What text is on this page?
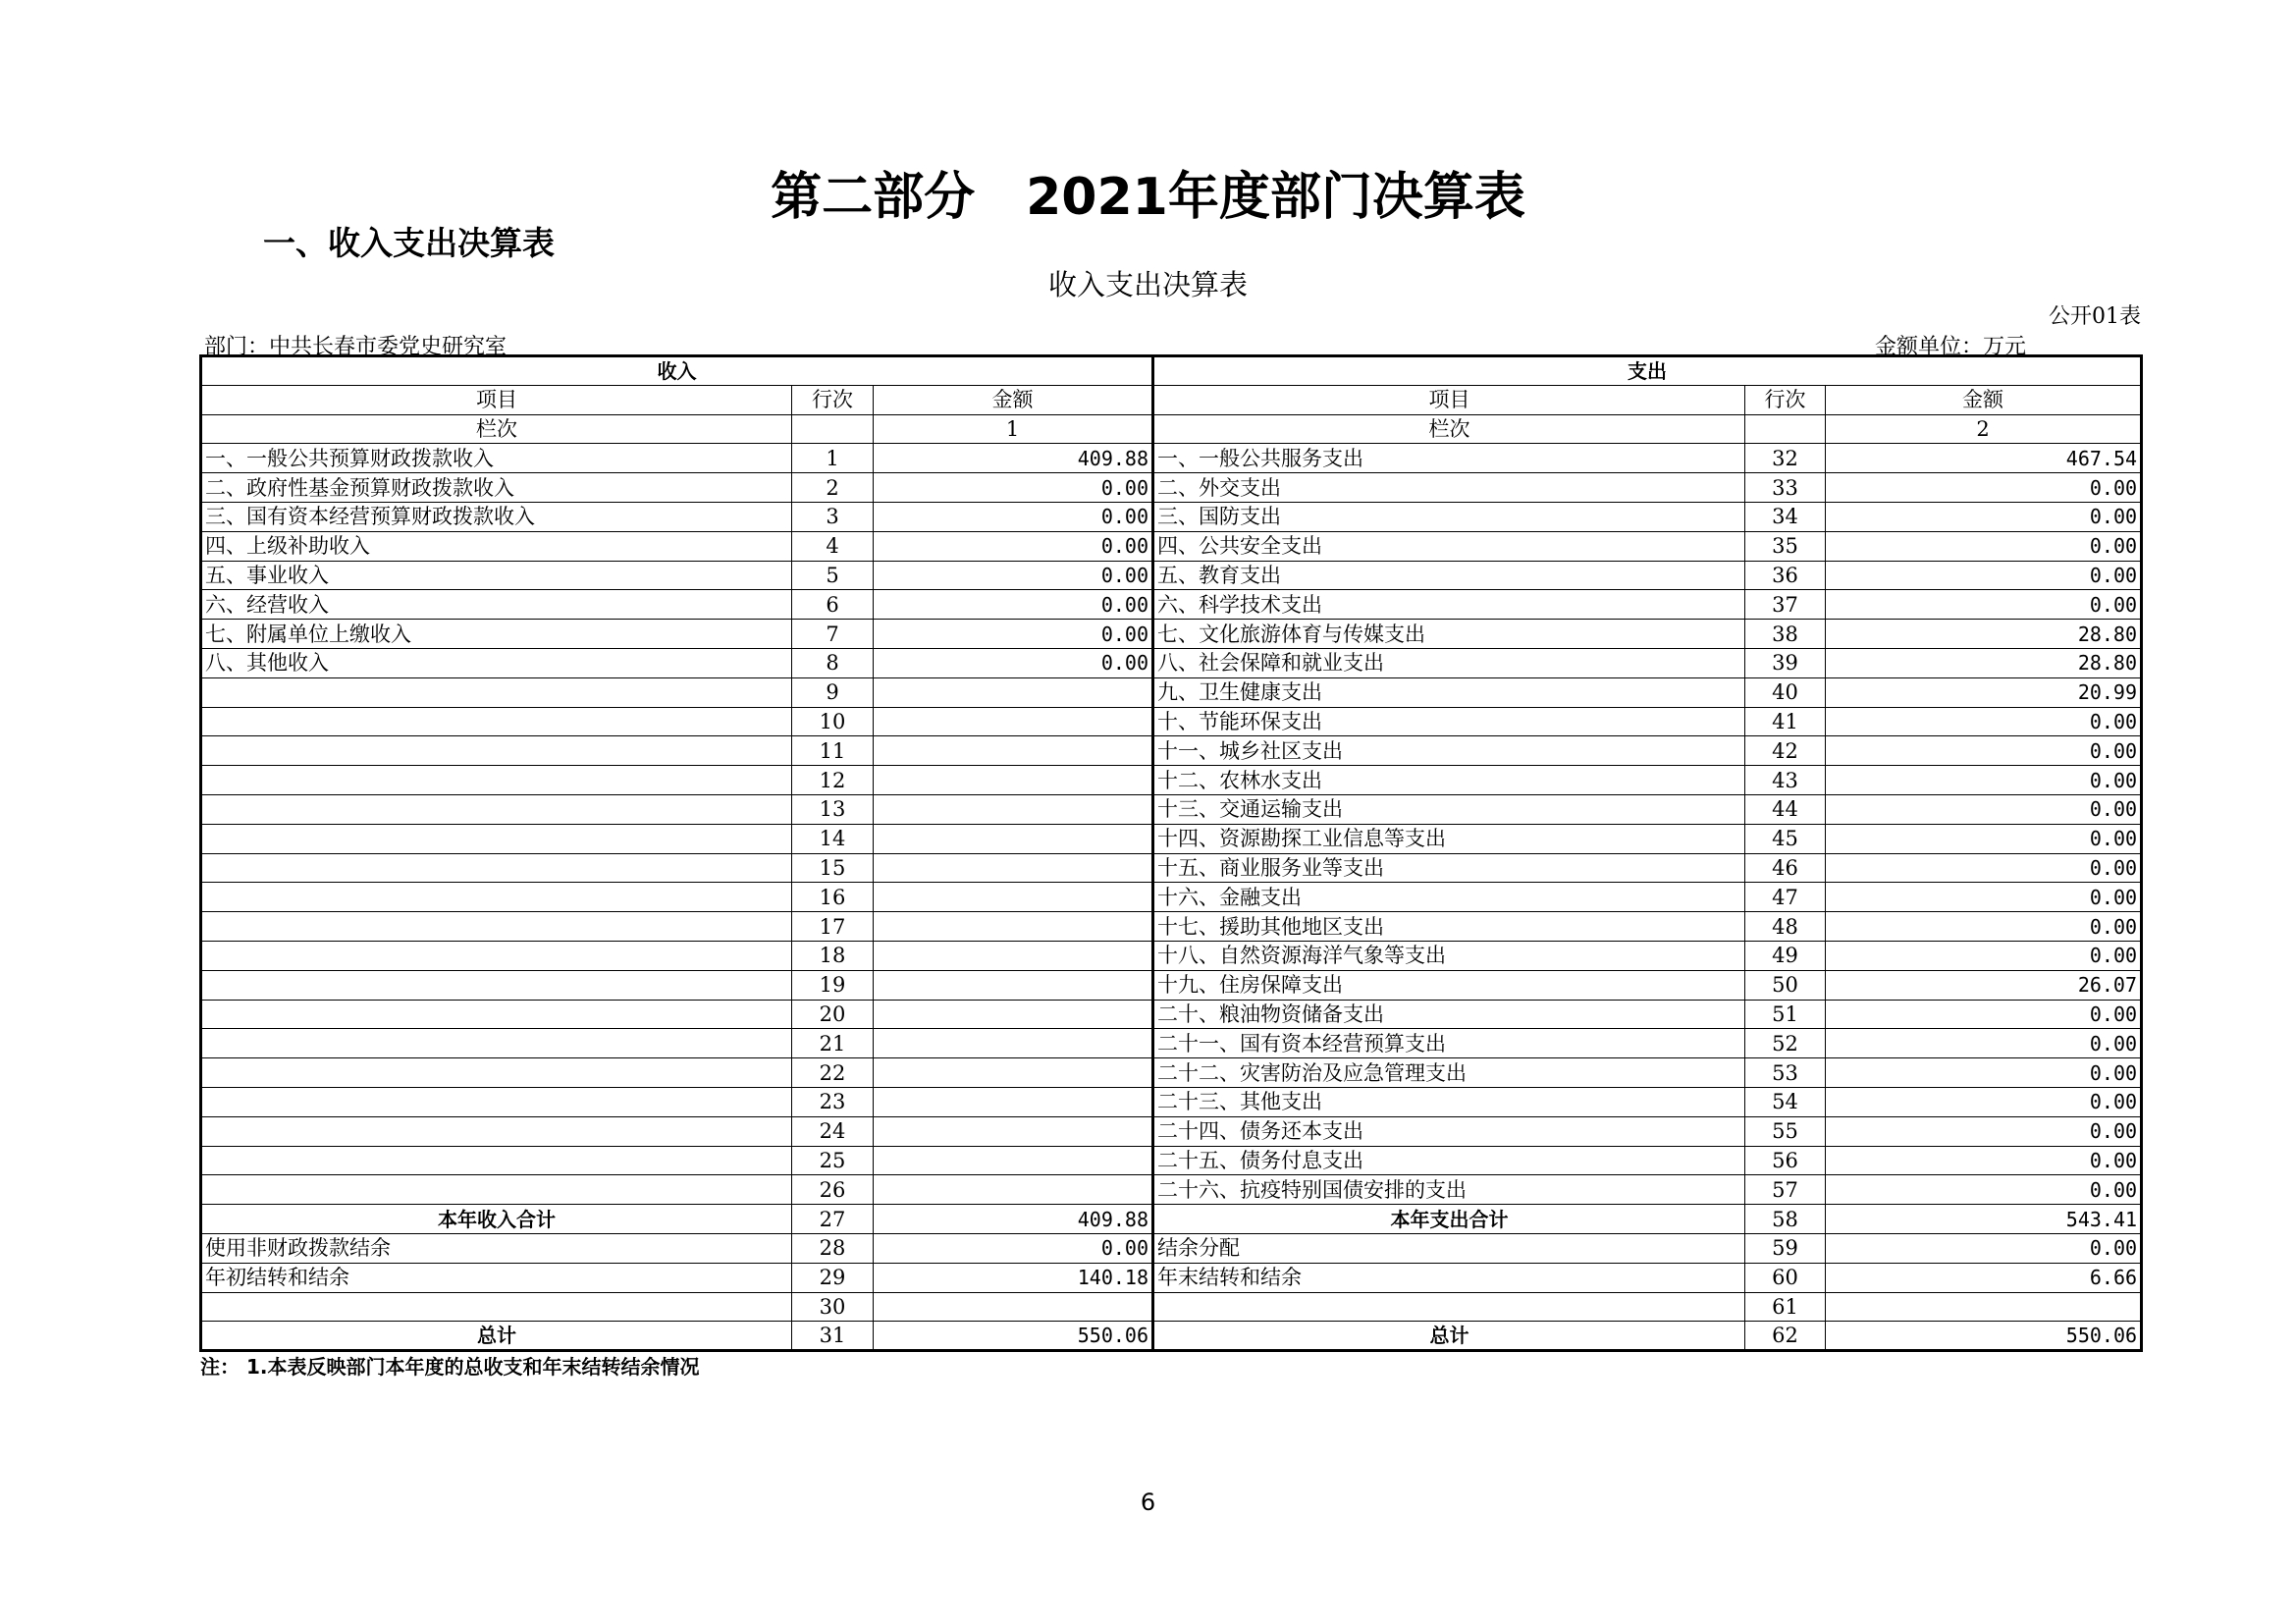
第二部分　2021年度部门决算表
一、收入支出决算表
收入支出决算表
公开01表
部门：中共长春市委党史研究室	金额单位：万元
收入			支出		
项目	行次	金额	项目	行次	金额
栏次		1	栏次		2
一、一般公共预算财政拨款收入	1	409.88	一、一般公共服务支出	32	467.54
二、政府性基金预算财政拨款收入	2	0.00	二、外交支出	33	0.00
三、国有资本经营预算财政拨款收入	3	0.00	三、国防支出	34	0.00
四、上级补助收入	4	0.00	四、公共安全支出	35	0.00
五、事业收入	5	0.00	五、教育支出	36	0.00
六、经营收入	6	0.00	六、科学技术支出	37	0.00
七、附属单位上缴收入	7	0.00	七、文化旅游体育与传媒支出	38	28.80
八、其他收入	8	0.00	八、社会保障和就业支出	39	28.80
	9		九、卫生健康支出	40	20.99
	10		十、节能环保支出	41	0.00
	11		十一、城乡社区支出	42	0.00
	12		十二、农林水支出	43	0.00
	13		十三、交通运输支出	44	0.00
	14		十四、资源勘探工业信息等支出	45	0.00
	15		十五、商业服务业等支出	46	0.00
	16		十六、金融支出	47	0.00
	17		十七、援助其他地区支出	48	0.00
	18		十八、自然资源海洋气象等支出	49	0.00
	19		十九、住房保障支出	50	26.07
	20		二十、粮油物资储备支出	51	0.00
	21		二十一、国有资本经营预算支出	52	0.00
	22		二十二、灾害防治及应急管理支出	53	0.00
	23		二十三、其他支出	54	0.00
	24		二十四、债务还本支出	55	0.00
	25		二十五、债务付息支出	56	0.00
	26		二十六、抗疫特别国债安排的支出	57	0.00
本年收入合计	27	409.88	本年支出合计	58	543.41
使用非财政拨款结余	28	0.00	结余分配	59	0.00
年初结转和结余	29	140.18	年末结转和结余	60	6.66
	30			61	
总计	31	550.06	总计	62	550.06
注： 1.本表反映部门本年度的总收支和年末结转结余情况
6
